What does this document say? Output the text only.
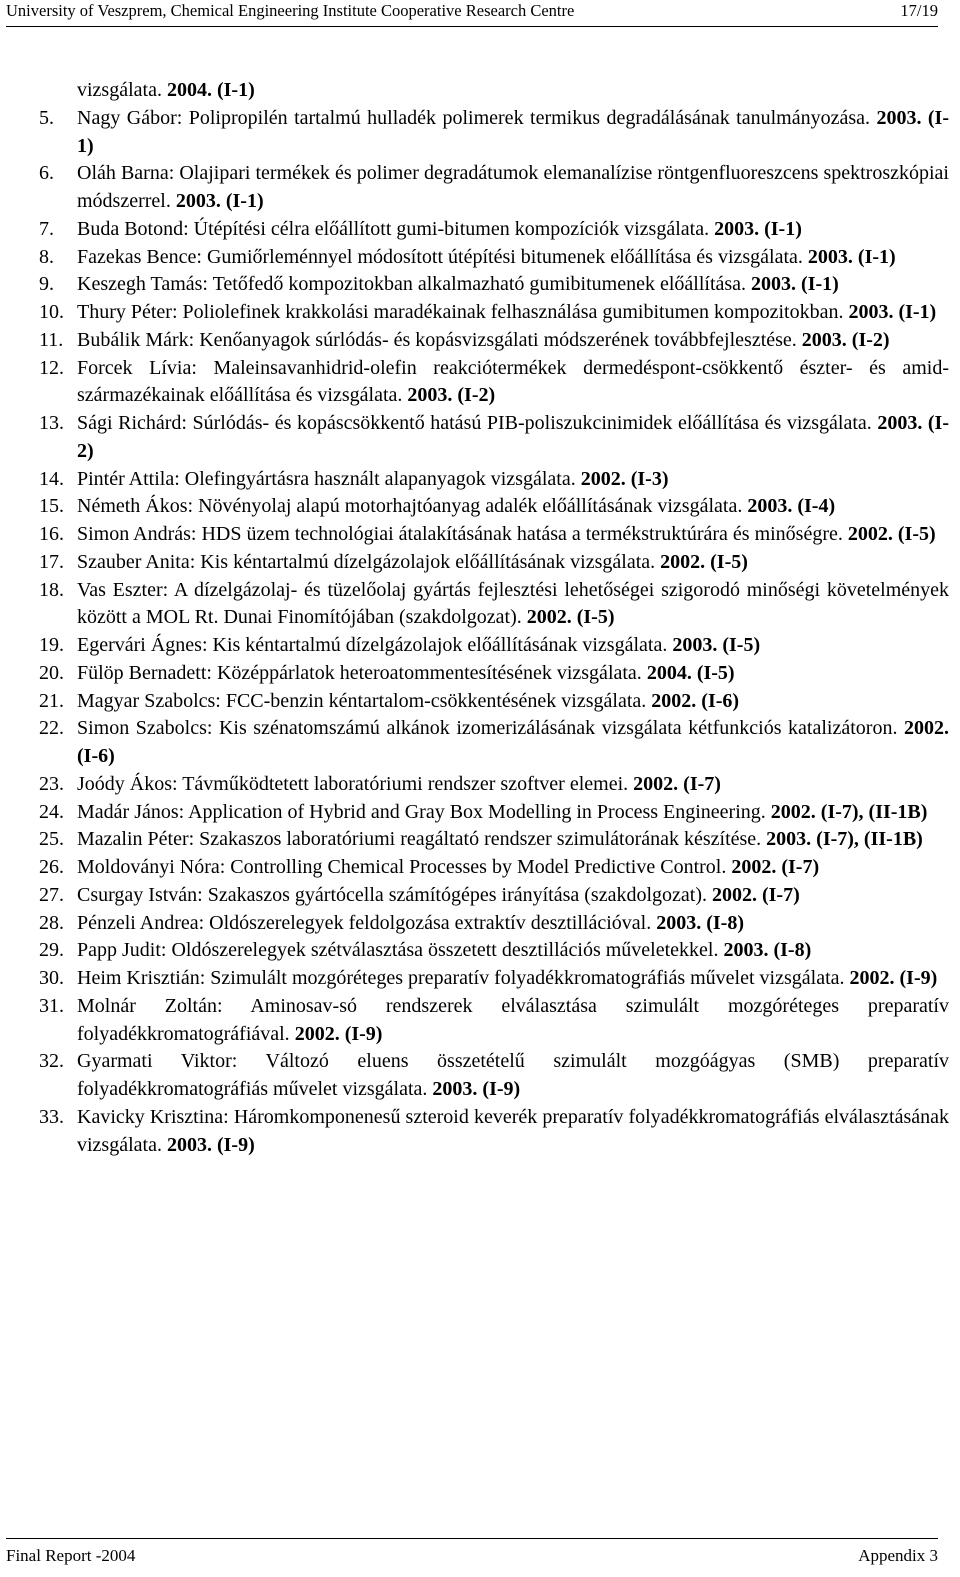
University of Veszprem, Chemical Engineering Institute Cooperative Research Centre	17/19
vizsgálata. 2004. (I-1)
5. Nagy Gábor: Polipropilén tartalmú hulladék polimerek termikus degradálásának tanulmányozása. 2003. (I-1)
6. Oláh Barna: Olajipari termékek és polimer degradátumok elemanalízise röntgenfluoreszcens spektroszkópiai módszerrel. 2003. (I-1)
7. Buda Botond: Útépítési célra előállított gumi-bitumen kompozíciók vizsgálata. 2003. (I-1)
8. Fazekas Bence: Gumiőrleménnyel módosított útépítési bitumenek előállítása és vizsgálata. 2003. (I-1)
9. Keszegh Tamás: Tetőfedő kompozitokban alkalmazható gumibitumenek előállítása. 2003. (I-1)
10. Thury Péter: Poliolefinek krakkolási maradékainak felhasználása gumibitumen kompozitokban. 2003. (I-1)
11. Bubálik Márk: Kenőanyagok súrlódás- és kopásvizsgálati módszerének továbbfejlesztése. 2003. (I-2)
12. Forcek Lívia: Maleinsavanhidrid-olefin reakciótermékek dermedéspont-csökkentő észter- és amid-származékainak előállítása és vizsgálata. 2003. (I-2)
13. Sági Richárd: Súrlódás- és kopáscsökkentő hatású PIB-poliszukcinimidek előállítása és vizsgálata. 2003. (I-2)
14. Pintér Attila: Olefingyártásra használt alapanyagok vizsgálata. 2002. (I-3)
15. Németh Ákos: Növényolaj alapú motorhajtóanyag adalék előállításának vizsgálata. 2003. (I-4)
16. Simon András: HDS üzem technológiai átalakításának hatása a termékstruktúrára és minőségre. 2002. (I-5)
17. Szauber Anita: Kis kéntartalmú dízelgázolajok előállításának vizsgálata. 2002. (I-5)
18. Vas Eszter: A dízelgázolaj- és tüzelőolaj gyártás fejlesztési lehetőségei szigorodó minőségi követelmények között a MOL Rt. Dunai Finomítójában (szakdolgozat). 2002. (I-5)
19. Egervári Ágnes: Kis kéntartalmú dízelgázolajok előállításának vizsgálata. 2003. (I-5)
20. Fülöp Bernadett: Középpárlatok heteroatommentesítésének vizsgálata. 2004. (I-5)
21. Magyar Szabolcs: FCC-benzin kéntartalom-csökkentésének vizsgálata. 2002. (I-6)
22. Simon Szabolcs: Kis szénatomszámú alkánok izomerizálásának vizsgálata kétfunkciós katalizátoron. 2002. (I-6)
23. Joódy Ákos: Távműködtetett laboratóriumi rendszer szoftver elemei. 2002. (I-7)
24. Madár János: Application of Hybrid and Gray Box Modelling in Process Engineering. 2002. (I-7), (II-1B)
25. Mazalin Péter: Szakaszos laboratóriumi reagáltató rendszer szimulátorának készítése. 2003. (I-7), (II-1B)
26. Moldoványi Nóra: Controlling Chemical Processes by Model Predictive Control. 2002. (I-7)
27. Csurgay István: Szakaszos gyártócella számítógépes irányítása (szakdolgozat). 2002. (I-7)
28. Pénzeli Andrea: Oldószerelegyek feldolgozása extraktív desztillációval. 2003. (I-8)
29. Papp Judit: Oldószerelegyek szétválasztása összetett desztillációs műveletekkel. 2003. (I-8)
30. Heim Krisztián: Szimulált mozgóréteges preparatív folyadékkromatográfiás művelet vizsgálata. 2002. (I-9)
31. Molnár Zoltán: Aminosav-só rendszerek elválasztása szimulált mozgóréteges preparatív folyadékkromatográfiával. 2002. (I-9)
32. Gyarmati Viktor: Változó eluens összetételű szimulált mozgóágyas (SMB) preparatív folyadékkromatográfiás művelet vizsgálata. 2003. (I-9)
33. Kavicky Krisztina: Háromkomponenesű szteroid keverék preparatív folyadékkromatográfiás elválasztásának vizsgálata. 2003. (I-9)
Final Report -2004	Appendix 3
